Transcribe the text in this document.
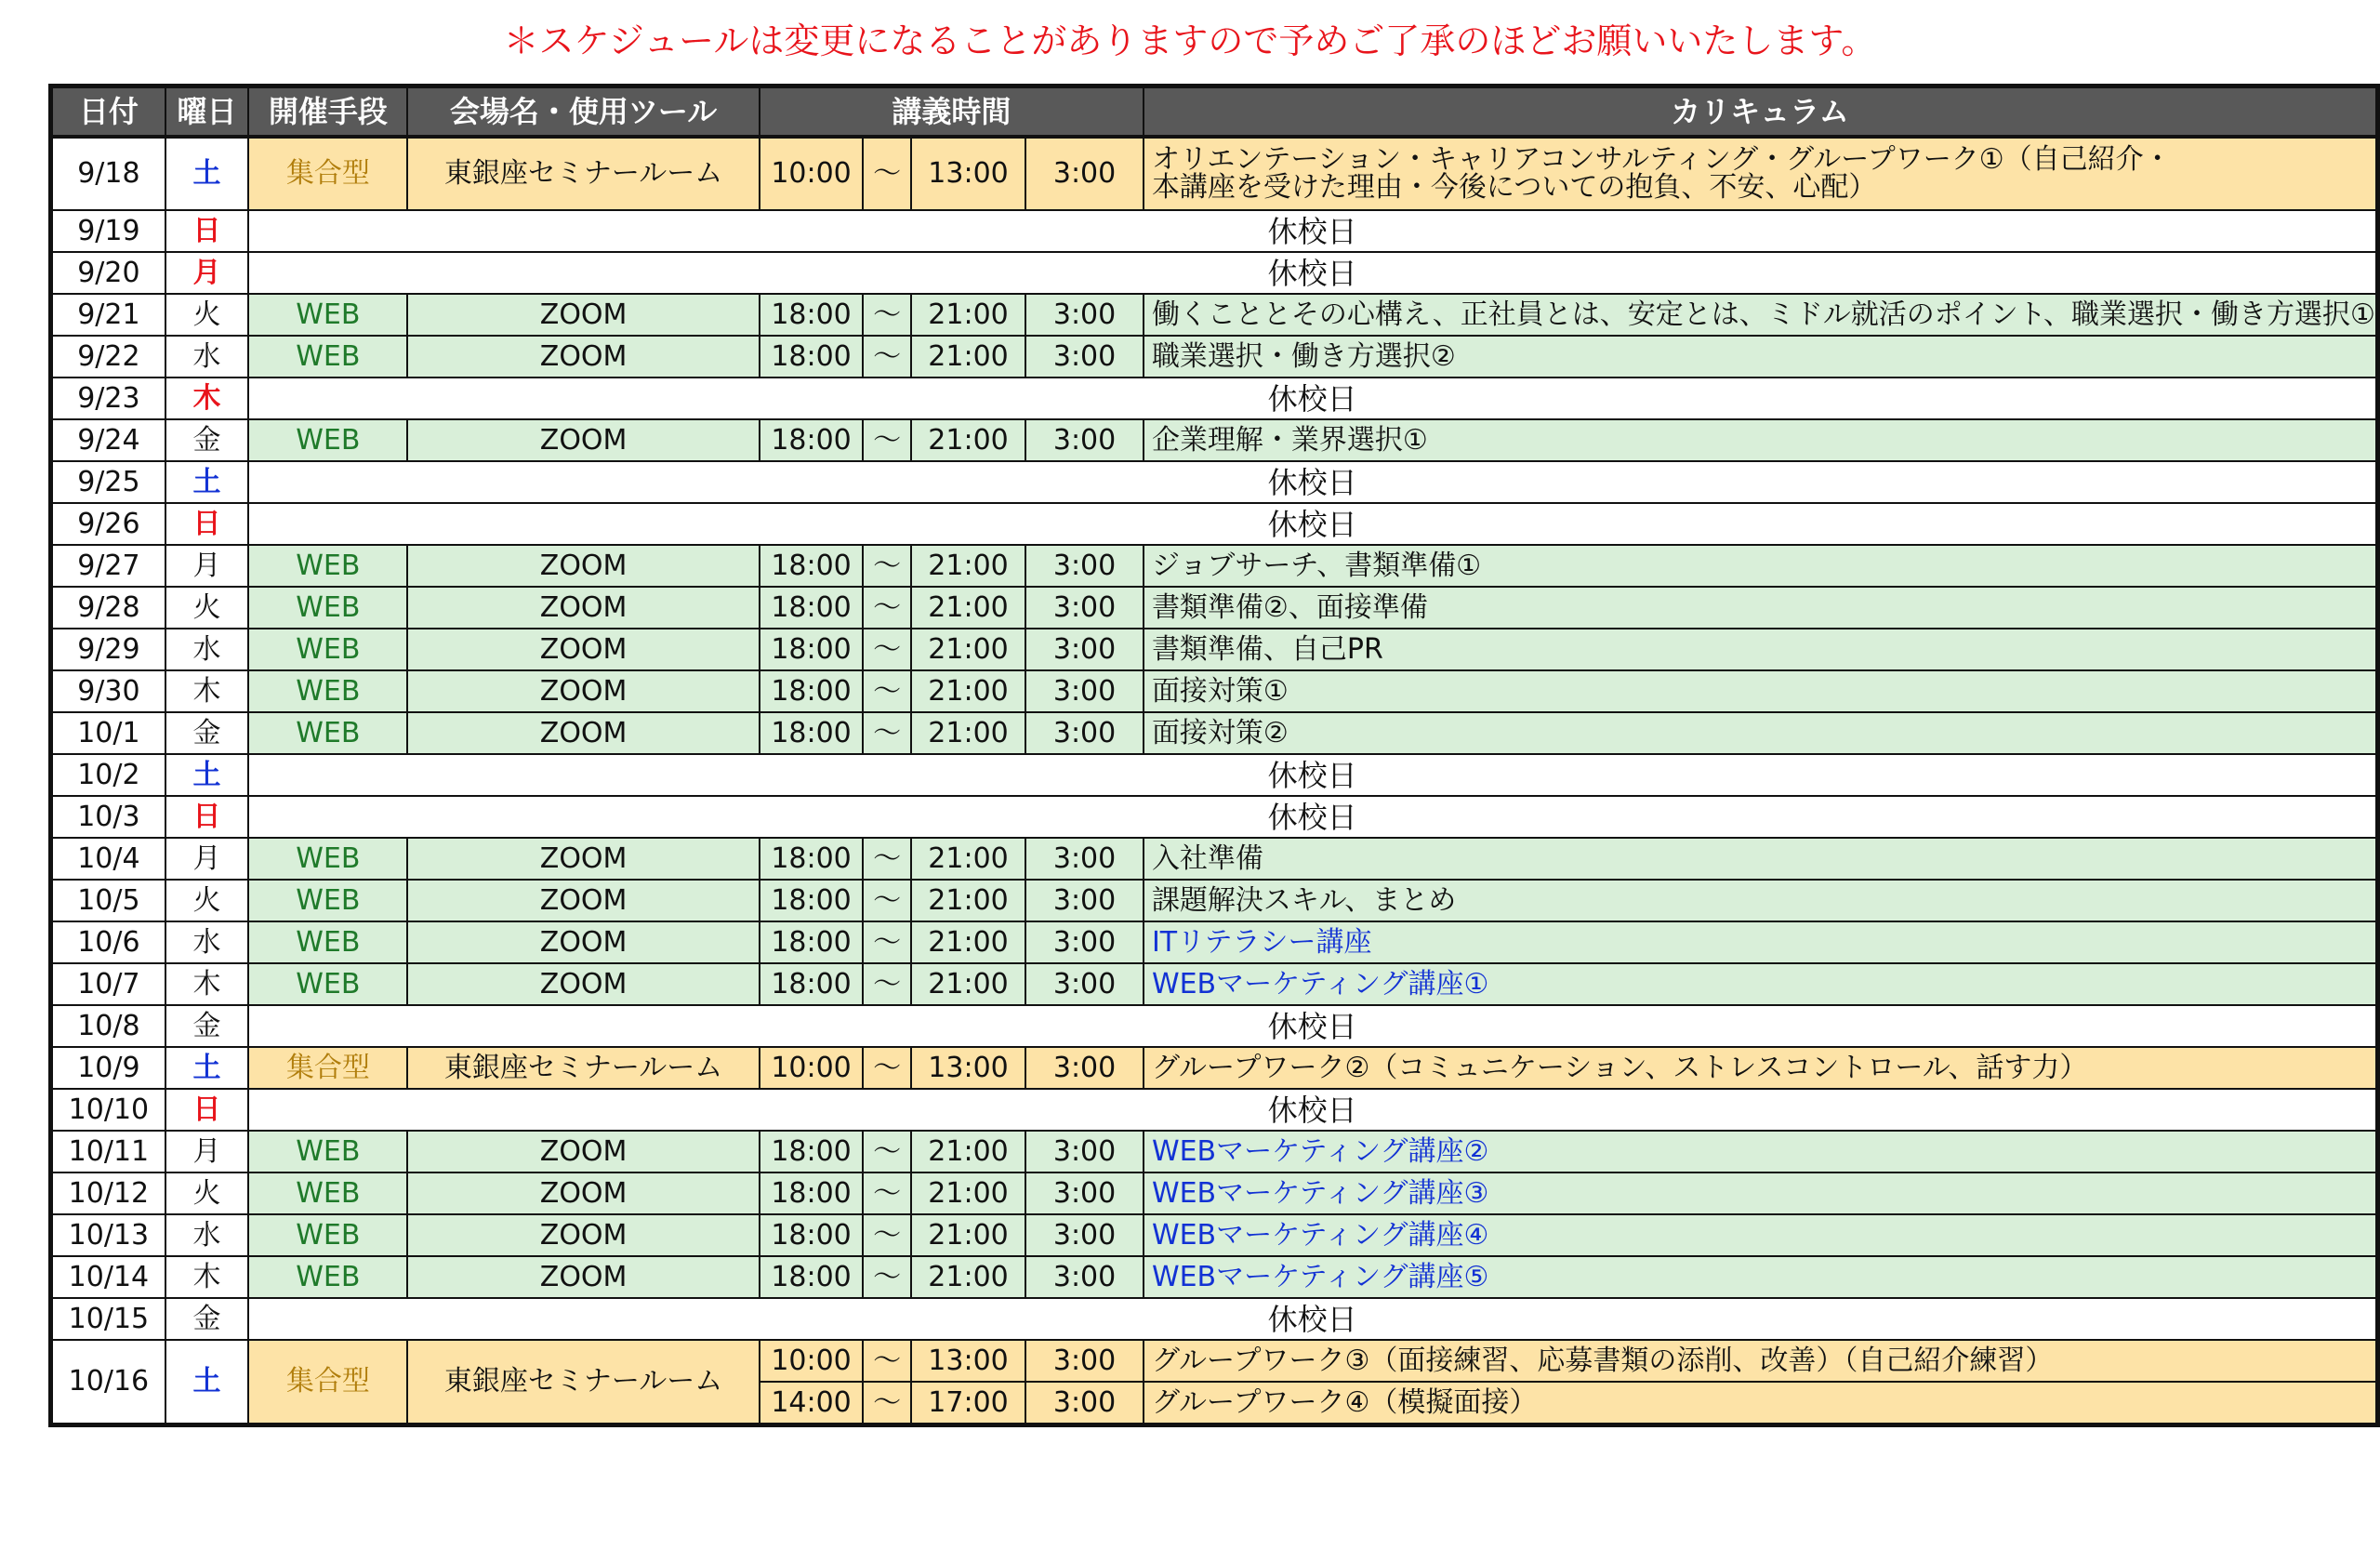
＊スケジュールは変更になることがありますので予めご了承のほどお願いいたします。
日付	曜日	開催手段	会場名・使用ツール	講義時間				カリキュラム
9/18	土	集合型	東銀座セミナールーム	10:00	～	13:00	3:00	オリエンテーション・キャリアコンサルティング・グループワーク①（自己紹介・
本講座を受けた理由・今後についての抱負、不安、心配）
9/19	日	休校日						
9/20	月	休校日						
9/21	火	WEB	ZOOM	18:00	～	21:00	3:00	働くこととその心構え、正社員とは、安定とは、ミドル就活のポイント、職業選択・働き方選択①
9/22	水	WEB	ZOOM	18:00	～	21:00	3:00	職業選択・働き方選択②
9/23	木	休校日						
9/24	金	WEB	ZOOM	18:00	～	21:00	3:00	企業理解・業界選択①
9/25	土	休校日						
9/26	日	休校日						
9/27	月	WEB	ZOOM	18:00	～	21:00	3:00	ジョブサーチ、書類準備①
9/28	火	WEB	ZOOM	18:00	～	21:00	3:00	書類準備②、面接準備
9/29	水	WEB	ZOOM	18:00	～	21:00	3:00	書類準備、自己PR
9/30	木	WEB	ZOOM	18:00	～	21:00	3:00	面接対策①
10/1	金	WEB	ZOOM	18:00	～	21:00	3:00	面接対策②
10/2	土	休校日						
10/3	日	休校日						
10/4	月	WEB	ZOOM	18:00	～	21:00	3:00	入社準備
10/5	火	WEB	ZOOM	18:00	～	21:00	3:00	課題解決スキル、まとめ
10/6	水	WEB	ZOOM	18:00	～	21:00	3:00	ITリテラシー講座
10/7	木	WEB	ZOOM	18:00	～	21:00	3:00	WEBマーケティング講座①
10/8	金	休校日						
10/9	土	集合型	東銀座セミナールーム	10:00	～	13:00	3:00	グループワーク②（コミュニケーション、ストレスコントロール、話す力）
10/10	日	休校日						
10/11	月	WEB	ZOOM	18:00	～	21:00	3:00	WEBマーケティング講座②
10/12	火	WEB	ZOOM	18:00	～	21:00	3:00	WEBマーケティング講座③
10/13	水	WEB	ZOOM	18:00	～	21:00	3:00	WEBマーケティング講座④
10/14	木	WEB	ZOOM	18:00	～	21:00	3:00	WEBマーケティング講座⑤
10/15	金	休校日						
10/16	土	集合型	東銀座セミナールーム	10:00	～	13:00	3:00	グループワーク③（面接練習、応募書類の添削、改善）（自己紹介練習）
				14:00	～	17:00	3:00	グループワーク④（模擬面接）
